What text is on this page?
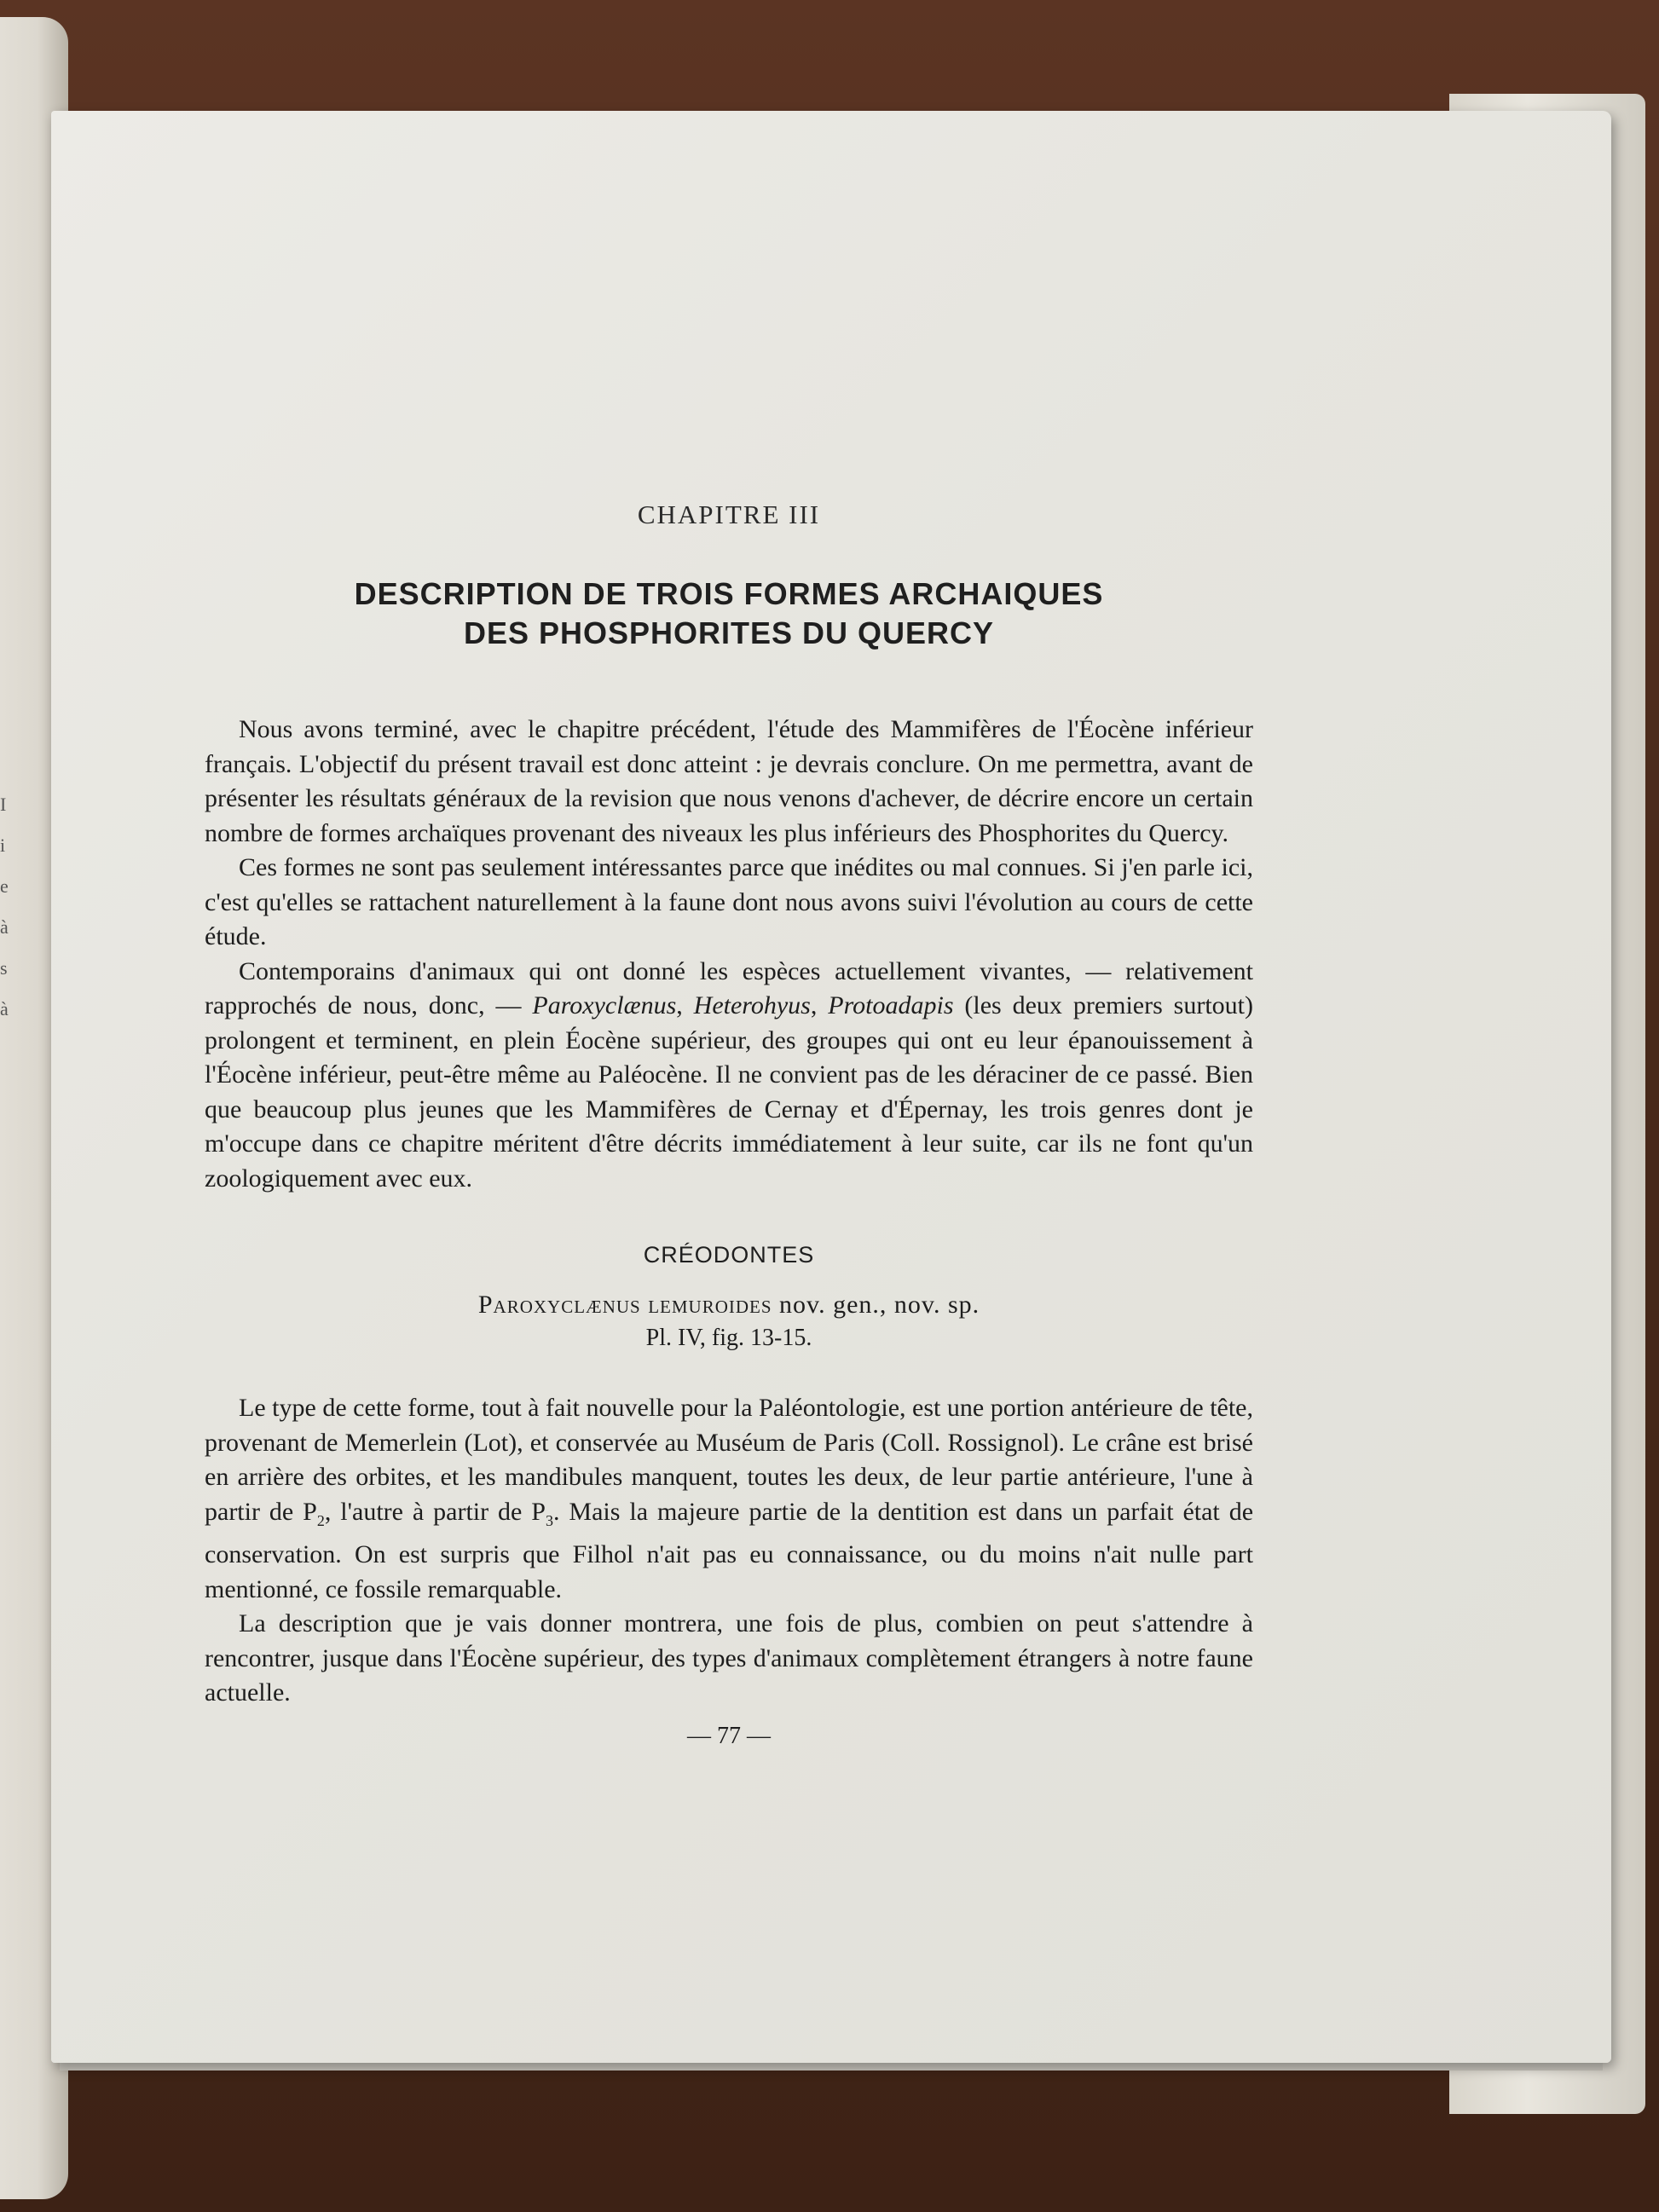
I
i
e
à
s
à
CHAPITRE III
DESCRIPTION DE TROIS FORMES ARCHAIQUES
DES PHOSPHORITES DU QUERCY

Nous avons terminé, avec le chapitre précédent, l'étude des Mammifères de l'Éocène inférieur français. L'objectif du présent travail est donc atteint : je devrais conclure. On me permettra, avant de présenter les résultats généraux de la revision que nous venons d'achever, de décrire encore un certain nombre de formes archaïques provenant des niveaux les plus inférieurs des Phosphorites du Quercy.

Ces formes ne sont pas seulement intéressantes parce que inédites ou mal connues. Si j'en parle ici, c'est qu'elles se rattachent naturellement à la faune dont nous avons suivi l'évolution au cours de cette étude.

Contemporains d'animaux qui ont donné les espèces actuellement vivantes, — relativement rapprochés de nous, donc, — Paroxyclænus, Heterohyus, Protoadapis (les deux premiers surtout) prolongent et terminent, en plein Éocène supérieur, des groupes qui ont eu leur épanouissement à l'Éocène inférieur, peut-être même au Paléocène. Il ne convient pas de les déraciner de ce passé. Bien que beaucoup plus jeunes que les Mammifères de Cernay et d'Épernay, les trois genres dont je m'occupe dans ce chapitre méritent d'être décrits immédiatement à leur suite, car ils ne font qu'un zoologiquement avec eux.

CRÉODONTES
Paroxyclænus lemuroides nov. gen., nov. sp.
Pl. IV, fig. 13-15.

Le type de cette forme, tout à fait nouvelle pour la Paléontologie, est une portion antérieure de tête, provenant de Memerlein (Lot), et conservée au Muséum de Paris (Coll. Rossignol). Le crâne est brisé en arrière des orbites, et les mandibules manquent, toutes les deux, de leur partie antérieure, l'une à partir de $P_2$, l'autre à partir de $P_3$. Mais la majeure partie de la dentition est dans un parfait état de conservation. On est surpris que Filhol n'ait pas eu connaissance, ou du moins n'ait nulle part mentionné, ce fossile remarquable.

La description que je vais donner montrera, une fois de plus, combien on peut s'attendre à rencontrer, jusque dans l'Éocène supérieur, des types d'animaux complètement étrangers à notre faune actuelle.

— 77 —
